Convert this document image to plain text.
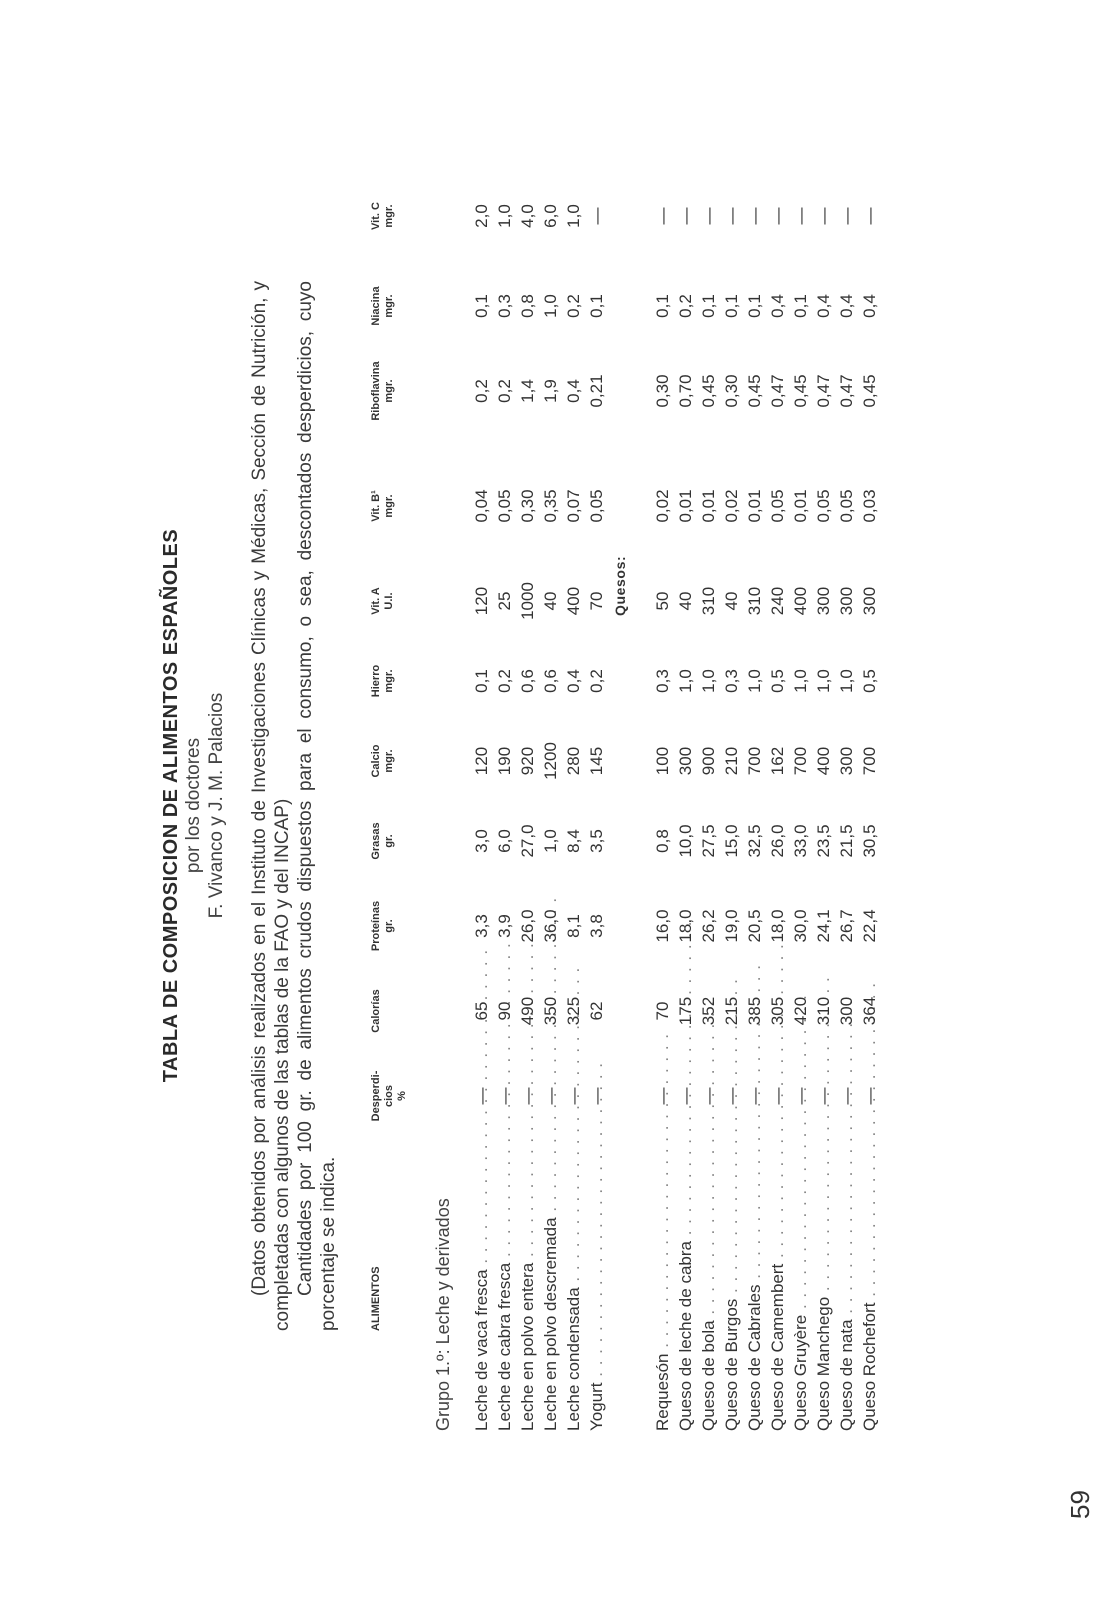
TABLA DE COMPOSICION DE ALIMENTOS ESPAÑOLES por los doctores F. Vivanco y J. M. Palacios (Datos obtenidos por análisis realizados en el Instituto de Investigaciones Clínicas y Médicas, Sección de Nutrición, y completadas con algunos de las tablas de la FAO y del INCAP) Cantidades por 100 gr. de alimentos crudos dispuestos para el consumo, o sea, descontados desperdicios, cuyo porcentaje se indica.	ALIMENTOS
Desperdi-
cios
%
Calorías
Proteínas
gr.
Grasas
gr.
Calcio
mgr.
Hierro
mgr.
Vit. A
U.I.
Vit. B¹
mgr.
Riboflavina
mgr.
Niacina
mgr.
Vit. C
mgr.
Grupo 1.º: Leche y derivados Leche de vaca fresca . . .
—
65
3,3
3,0
120
0,1
120
0,04
0,2
0,1
2,0
Leche de cabra fresca . . .
—
90
3,9
6,0
190
0,2
25
0,05
0,2
0,3
1,0
Leche en polvo entera . . .
—
490
26,0
27,0
920
0,6
1000
0,30
1,4
0,8
4,0
Leche en polvo descremada . . .
—
350
36,0
1,0
1200
0,6
40
0,35
1,9
1,0
6,0
Leche condensada . . .
—
325
8,1
8,4
280
0,4
400
0,07
0,4
0,2
1,0
Yogurt . . .
—
62
3,8
3,5
145
0,2
70
0,05
0,21
0,1
—
Quesos:
Requesón . . .
—
70
16,0
0,8
100
0,3
50
0,02
0,30
0,1
—
Queso de leche de cabra . . .
—
175
18,0
10,0
300
1,0
40
0,01
0,70
0,2
—
Queso de bola . . .
—
352
26,2
27,5
900
1,0
310
0,01
0,45
0,1
—
Queso de Burgos . . .
—
215
19,0
15,0
210
0,3
40
0,02
0,30
0,1
—
Queso de Cabrales . . .
—
385
20,5
32,5
700
1,0
310
0,01
0,45
0,1
—
Queso de Camembert . . .
—
305
18,0
26,0
162
0,5
240
0,05
0,47
0,4
—
Queso Gruyère . . .
—
420
30,0
33,0
700
1,0
400
0,01
0,45
0,1
—
Queso Manchego . . .
—
310
24,1
23,5
400
1,0
300
0,05
0,47
0,4
—
Queso de nata . . .
—
300
26,7
21,5
300
1,0
300
0,05
0,47
0,4
—
Queso Rochefort . . .
—
364
22,4
30,5
700
0,5
300
0,03
0,45
0,4
—
59
